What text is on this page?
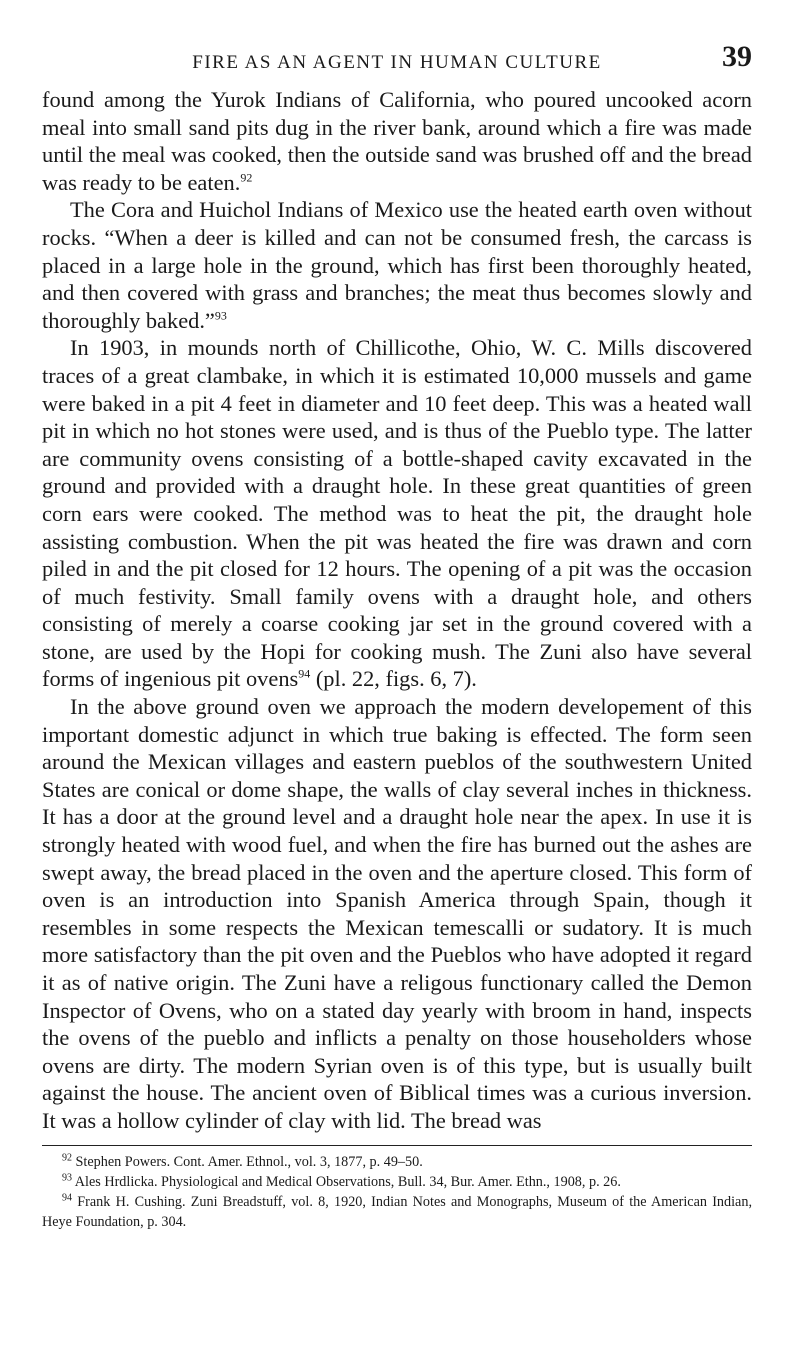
FIRE AS AN AGENT IN HUMAN CULTURE	39

found among the Yurok Indians of California, who poured uncooked acorn meal into small sand pits dug in the river bank, around which a fire was made until the meal was cooked, then the outside sand was brushed off and the bread was ready to be eaten.$^{92}$

The Cora and Huichol Indians of Mexico use the heated earth oven without rocks. “When a deer is killed and can not be consumed fresh, the carcass is placed in a large hole in the ground, which has first been thoroughly heated, and then covered with grass and branches; the meat thus becomes slowly and thoroughly baked.”$^{93}$

In 1903, in mounds north of Chillicothe, Ohio, W. C. Mills discovered traces of a great clambake, in which it is estimated 10,000 mussels and game were baked in a pit 4 feet in diameter and 10 feet deep. This was a heated wall pit in which no hot stones were used, and is thus of the Pueblo type. The latter are community ovens consisting of a bottle-shaped cavity excavated in the ground and provided with a draught hole. In these great quantities of green corn ears were cooked. The method was to heat the pit, the draught hole assisting combustion. When the pit was heated the fire was drawn and corn piled in and the pit closed for 12 hours. The opening of a pit was the occasion of much festivity. Small family ovens with a draught hole, and others consisting of merely a coarse cooking jar set in the ground covered with a stone, are used by the Hopi for cooking mush. The Zuni also have several forms of ingenious pit ovens$^{94}$ (pl. 22, figs. 6, 7).

In the above ground oven we approach the modern developement of this important domestic adjunct in which true baking is effected. The form seen around the Mexican villages and eastern pueblos of the southwestern United States are conical or dome shape, the walls of clay several inches in thickness. It has a door at the ground level and a draught hole near the apex. In use it is strongly heated with wood fuel, and when the fire has burned out the ashes are swept away, the bread placed in the oven and the aperture closed. This form of oven is an introduction into Spanish America through Spain, though it resembles in some respects the Mexican temescalli or sudatory. It is much more satisfactory than the pit oven and the Pueblos who have adopted it regard it as of native origin. The Zuni have a religous functionary called the Demon Inspector of Ovens, who on a stated day yearly with broom in hand, inspects the ovens of the pueblo and inflicts a penalty on those householders whose ovens are dirty. The modern Syrian oven is of this type, but is usually built against the house. The ancient oven of Biblical times was a curious inversion. It was a hollow cylinder of clay with lid. The bread was

$^{92}$ Stephen Powers. Cont. Amer. Ethnol., vol. 3, 1877, p. 49–50.

$^{93}$ Ales Hrdlicka. Physiological and Medical Observations, Bull. 34, Bur. Amer. Ethn., 1908, p. 26.

$^{94}$ Frank H. Cushing. Zuni Breadstuff, vol. 8, 1920, Indian Notes and Monographs, Museum of the American Indian, Heye Foundation, p. 304.
